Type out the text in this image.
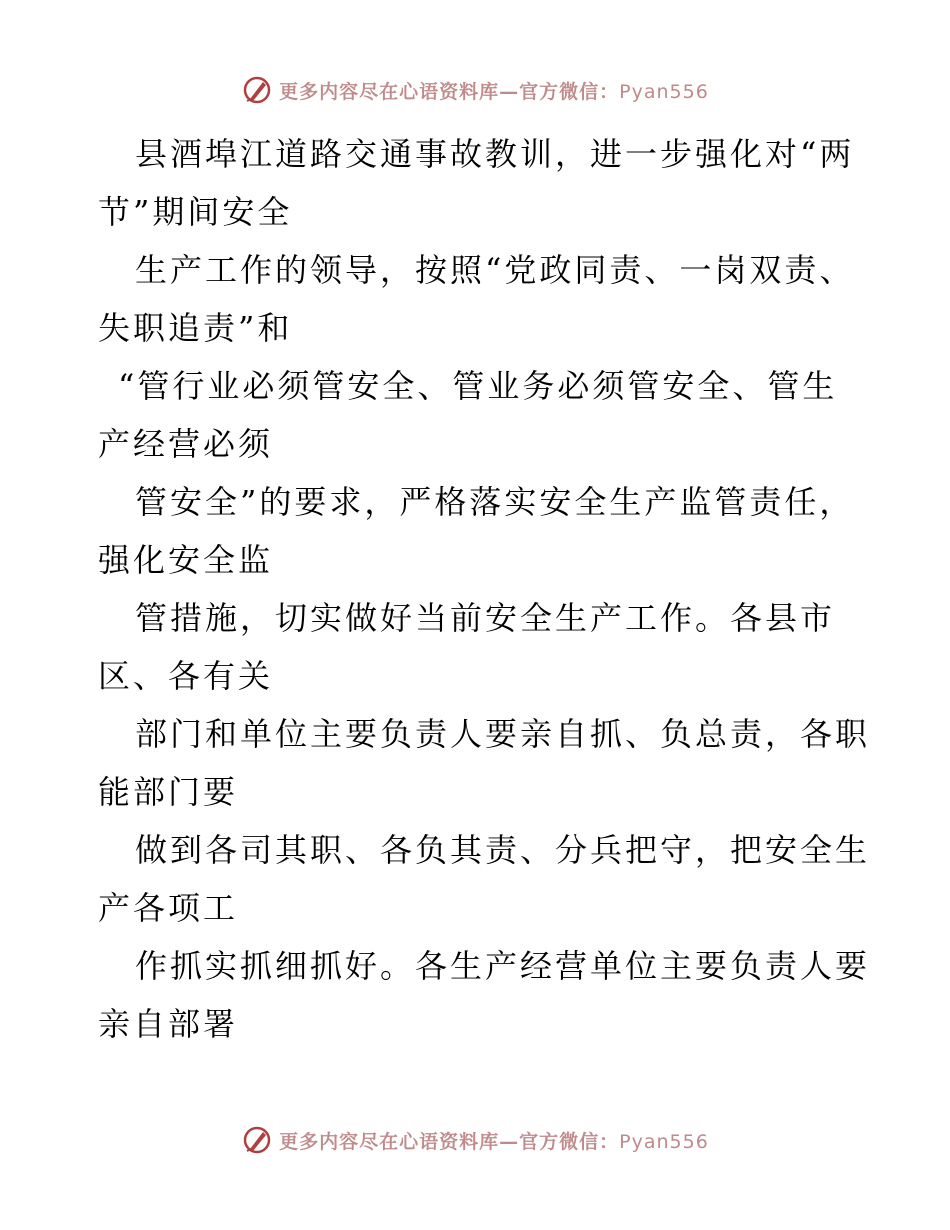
更多内容尽在心语资料库—官方微信：Pyan556
县酒埠江道路交通事故教训，进一步强化对“两
节”期间安全
生产工作的领导，按照“党政同责、一岗双责、
失职追责”和
“管行业必须管安全、管业务必须管安全、管生
产经营必须
管安全”的要求，严格落实安全生产监管责任，
强化安全监
管措施，切实做好当前安全生产工作。各县市
区、各有关
部门和单位主要负责人要亲自抓、负总责，各职
能部门要
做到各司其职、各负其责、分兵把守，把安全生
产各项工
作抓实抓细抓好。各生产经营单位主要负责人要
亲自部署
更多内容尽在心语资料库—官方微信：Pyan556
